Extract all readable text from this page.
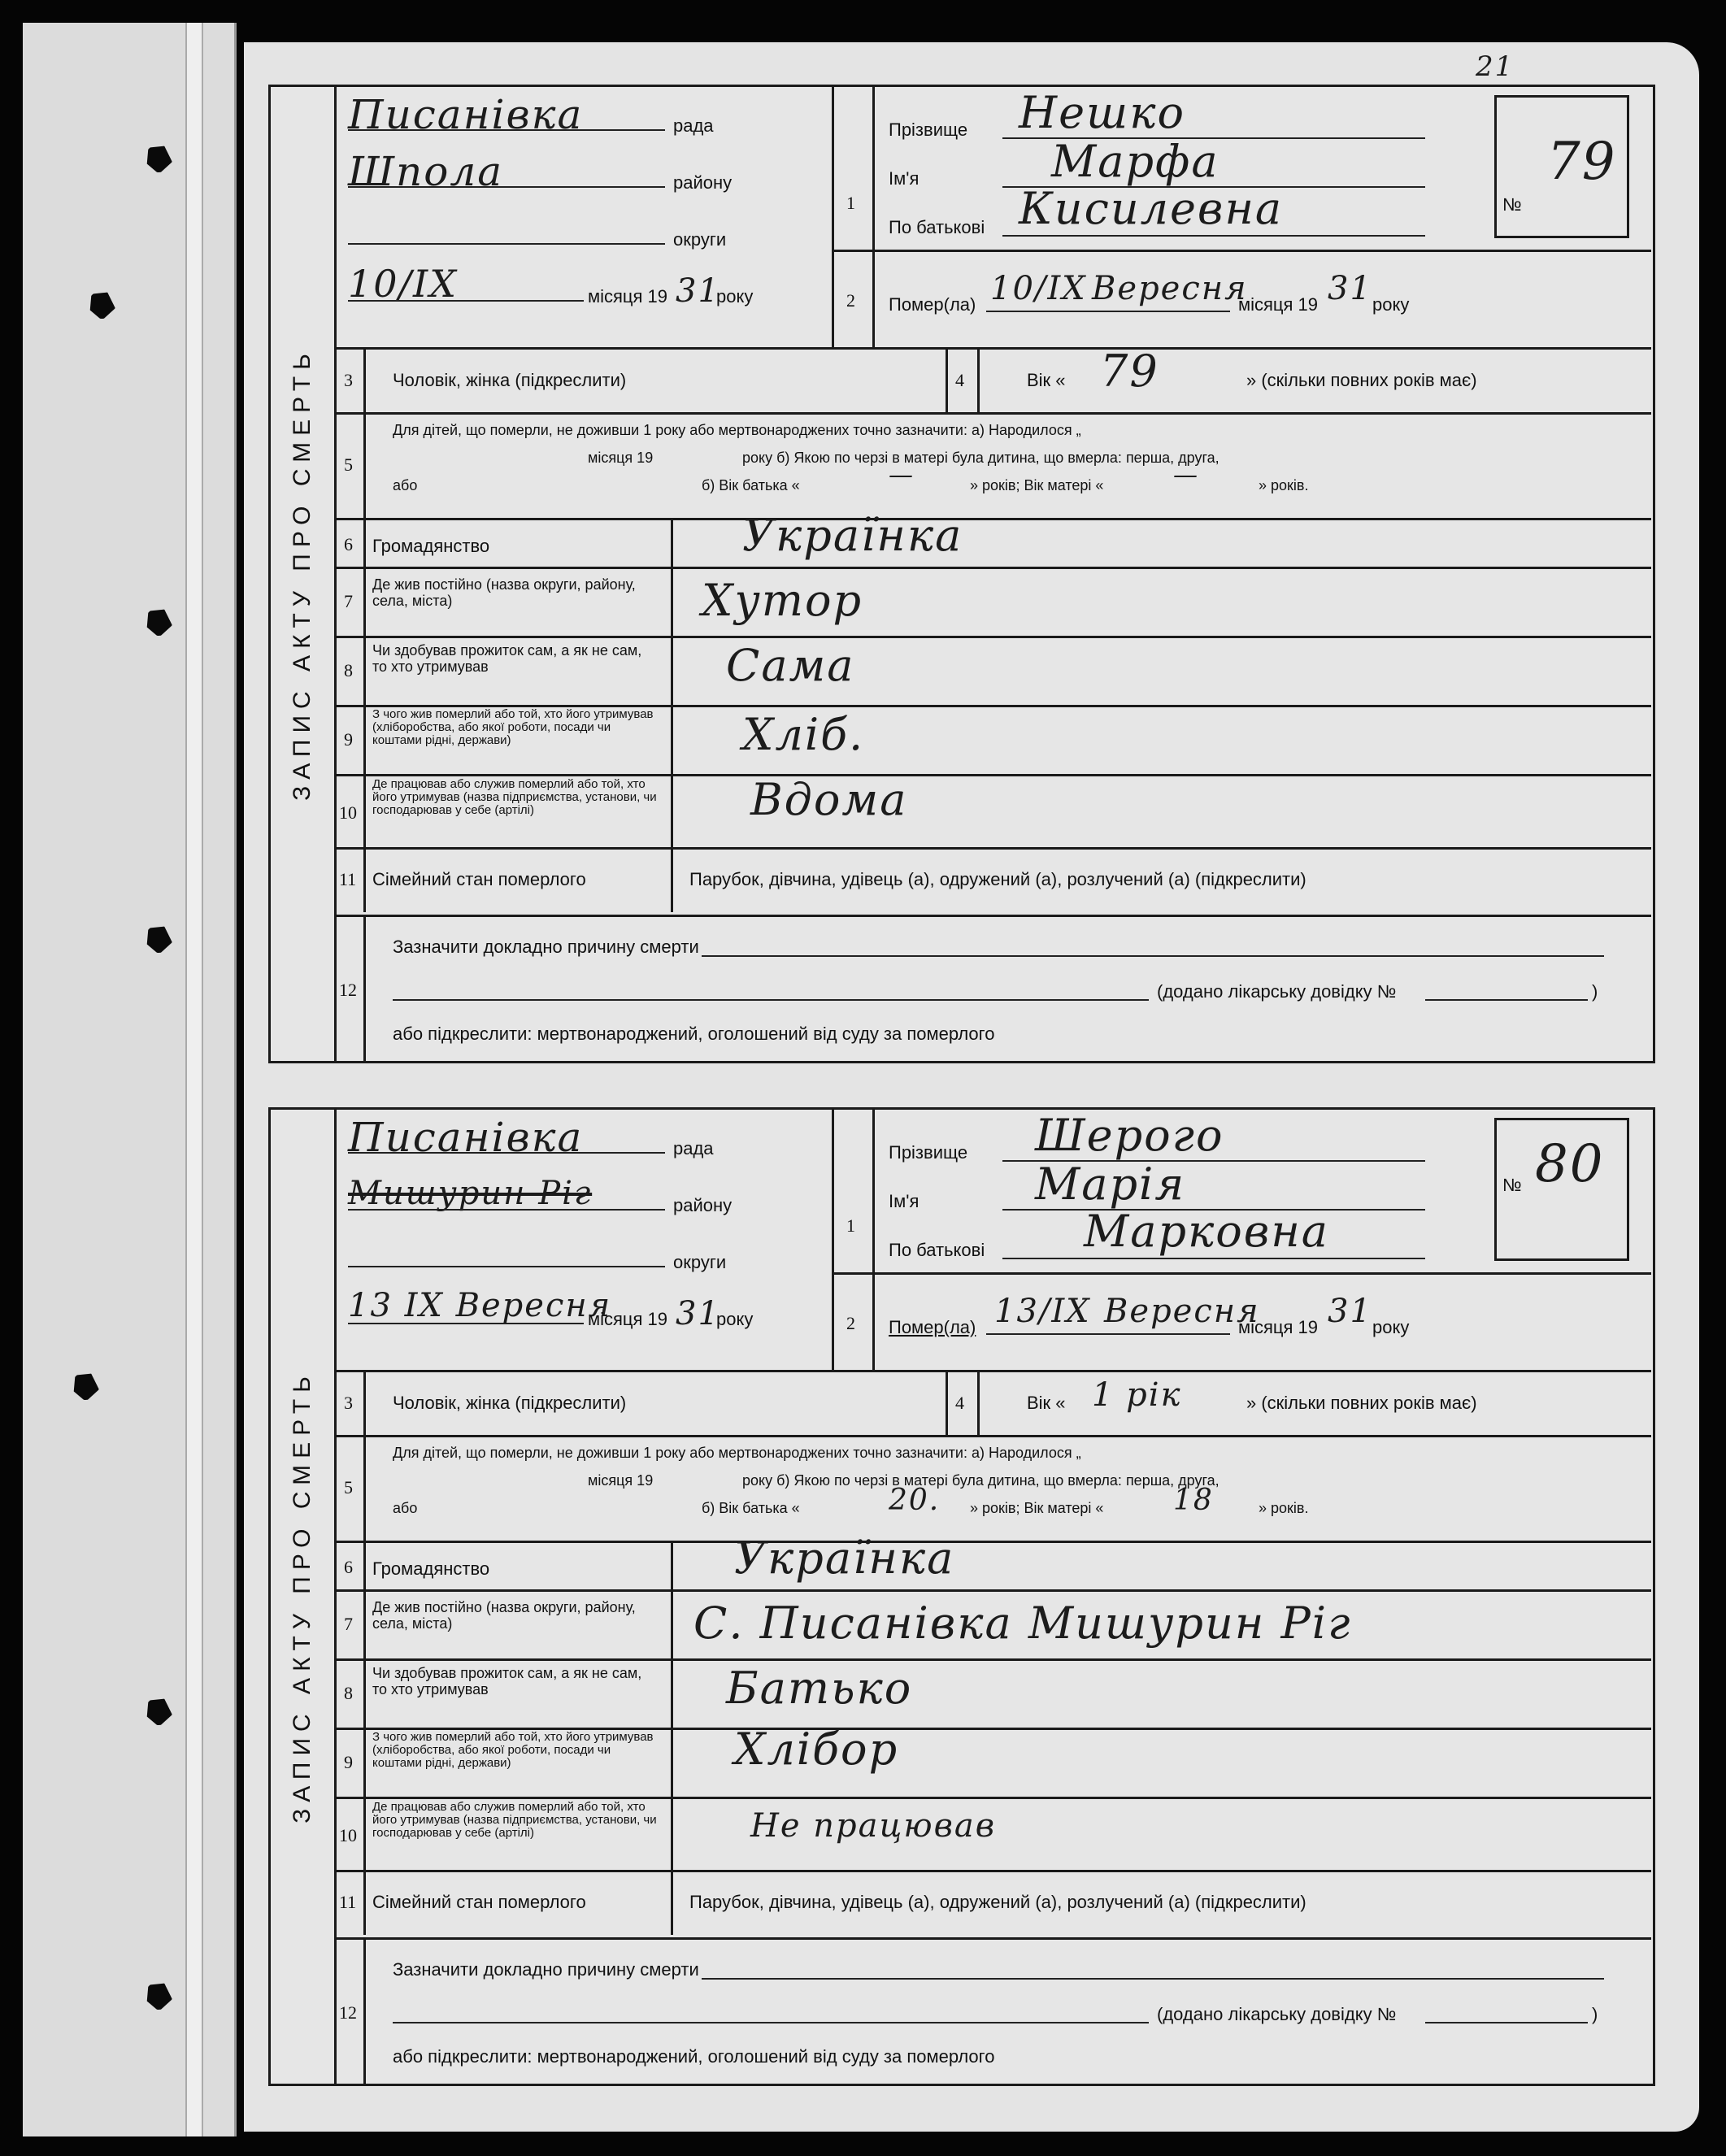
21
ЗАПИС АКТУ ПРО СМЕРТЬ
Писанівка	рада
Шпола	району
округи
10/IX	місяця 19 31
року
1
2
Прізвище Нешко
Ім'я	Марфа
По батькові Кисилевна	№
79
Помер(ла) 10/IX Вересня
місяця 19 31 року
3 Чоловік, жінка (підкреслити)	4	Вік « 79	» (скільки повних років має)
5
Для дітей, що померли, не доживши 1 року або мертвонароджених точно зазначити: а) Народилося „
місяця 19	року б) Якою по черзі в матері була дитина, що вмерла: перша, друга,
або	б) Вік батька «	—	» років; Вік матері «	—	» років.
6 Громадянство	Українка
7
Де жив постійно (назва округи, району, села, міста)	Хутор
8
Чи здобував прожиток сам, а як не сам, то хто утримував	Сама
9
З чого жив померлий або той, хто його утримував (хліборобства, або якої роботи, посади чи коштами рідні, держави)	Хліб.
10
Де працював або служив померлий або той, хто його утримував (назва підприємства, установи, чи господарював у себе (артілі)	Вдома
11 Сімейний стан померлого	Парубок, дівчина, удівець (а), одружений (а), розлучений (а) (підкреслити)
12
Зазначити докладно причину смерти
(додано лікарську довідку №	)
або підкреслити: мертвонароджений, оголошений від суду за померлого
ЗАПИС АКТУ ПРО СМЕРТЬ
Писанівка	рада
Мишурин Ріг	району
округи
13 IX Вересня
місяця 19 31
року
1
2
Прізвище Шерого
Ім'я	Марія
По батькові Марковна
№ 80
Помер(ла) 13/IX Вересня
місяця 19 31 року
3 Чоловік, жінка (підкреслити)	4	Вік « 1 рік	» (скільки повних років має)
5
Для дітей, що померли, не доживши 1 року або мертвонароджених точно зазначити: а) Народилося „
місяця 19	року б) Якою по черзі в матері була дитина, що вмерла: перша, друга,
або	б) Вік батька «	20. » років; Вік матері « 18	» років.
6 Громадянство	Українка
7
Де жив постійно (назва округи, району, села, міста)	С. Писанівка Мишурин Ріг
8
Чи здобував прожиток сам, а як не сам, то хто утримував	Батько
9
З чого жив померлий або той, хто його утримував (хліборобства, або якої роботи, посади чи коштами рідні, держави)	Хлібор
10
Де працював або служив померлий або той, хто його утримував (назва підприємства, установи, чи господарював у себе (артілі)	Не працював
11 Сімейний стан померлого	Парубок, дівчина, удівець (а), одружений (а), розлучений (а) (підкреслити)
12
Зазначити докладно причину смерти
(додано лікарську довідку №	)
або підкреслити: мертвонароджений, оголошений від суду за померлого
